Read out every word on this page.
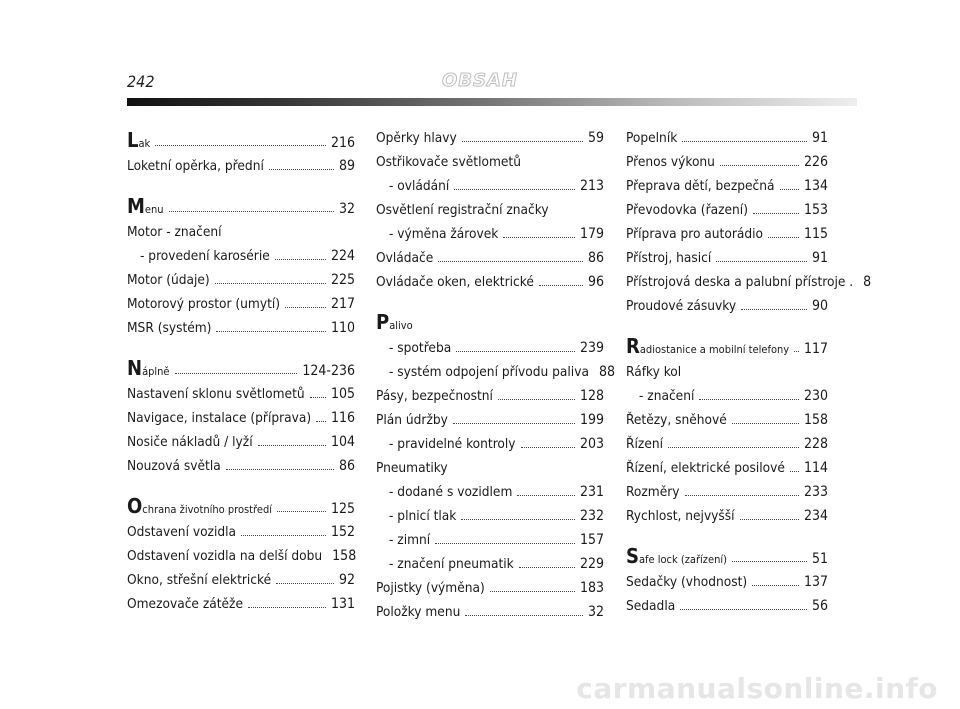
242	OBSAH
Lak	216
Loketní opěrka, přední	89
Menu	32
Motor - značení
- provedení karosérie	224
Motor (údaje)	225
Motorový prostor (umytí)	217
MSR (systém)	110
Náplně	124-236
Nastavení sklonu světlometů 105
Navigace, instalace (příprava) 116
Nosiče nákladů / lyží	104
Nouzová světla	86
Ochrana životního prostředí	125
Odstavení vozidla	152
Odstavení vozidla na delší dobu 158
Okno, střešní elektrické	92
Omezovače zátěže	131
Opěrky hlavy	59
Ostřikovače světlometů
- ovládání	213
Osvětlení registrační značky
- výměna žárovek	179
Ovládače	86
Ovládače oken, elektrické	96
Palivo
- spotřeba	239
- systém odpojení přívodu paliva 88
Pásy, bezpečnostní	128
Plán údržby	199
- pravidelné kontroly	203
Pneumatiky
- dodané s vozidlem	231
- plnicí tlak	232
- zimní	157
- značení pneumatik	229
Pojistky (výměna)	183
Položky menu	32
Popelník	91
Přenos výkonu	226
Přeprava dětí, bezpečná 134
Převodovka (řazení)	153
Příprava pro autorádio	115
Přístroj, hasicí	91
Přístrojová deska a palubní přístroje . 8
Proudové zásuvky	90
Radiostanice a mobilní telefony 117
Ráfky kol
- značení	230
Řetězy, sněhové	158
Řízení	228
Řízení, elektrické posilové 114
Rozměry	233
Rychlost, nejvyšší	234
Safe lock (zařízení)	51
Sedačky (vhodnost)	137
Sedadla	56
carmanualsonline.info
